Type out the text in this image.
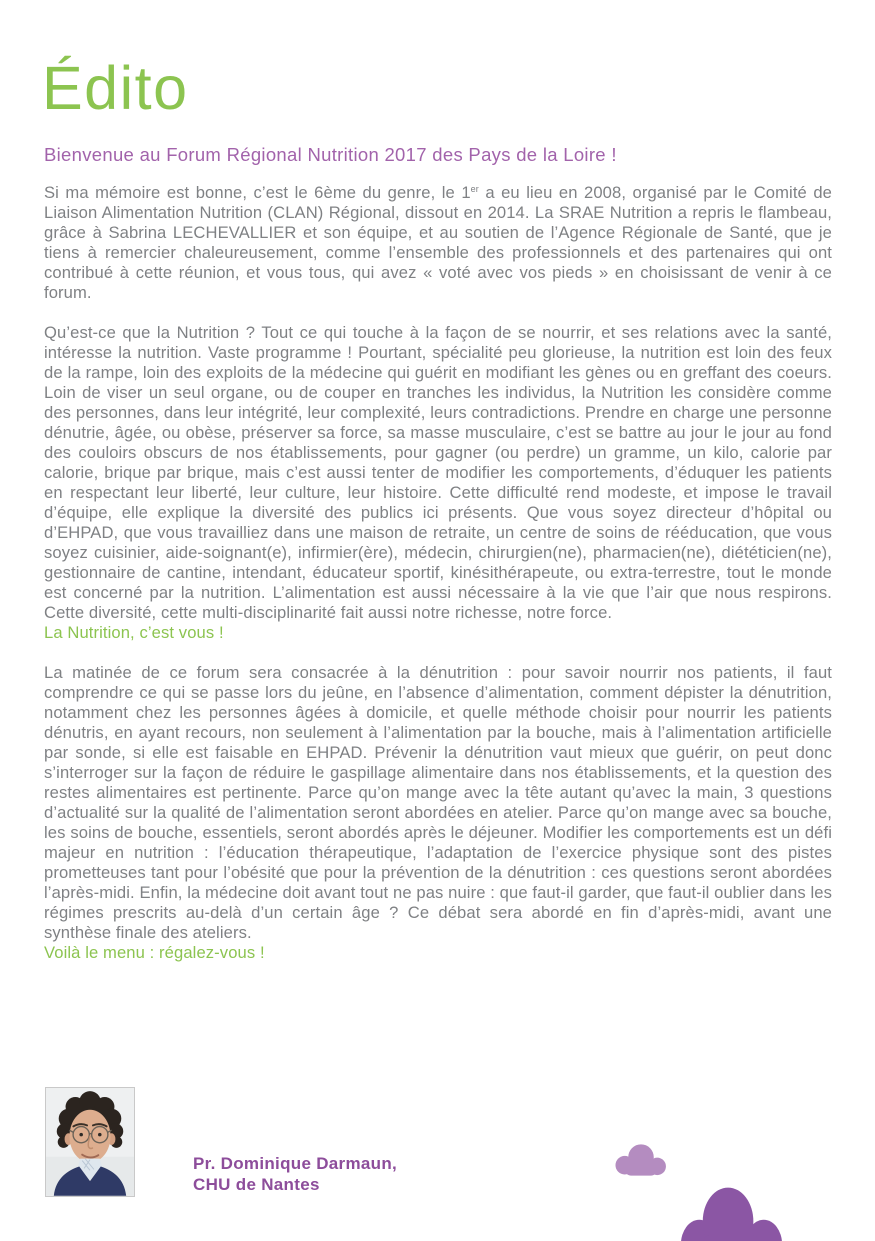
Édito

Bienvenue au Forum Régional Nutrition 2017 des Pays de la Loire !

Si ma mémoire est bonne, c’est le 6ème du genre, le 1er a eu lieu en 2008, organisé par le Comité de Liaison Alimentation Nutrition (CLAN) Régional, dissout en 2014. La SRAE Nutrition a repris le flambeau, grâce à Sabrina LECHEVALLIER et son équipe, et au soutien de l’Agence Régionale de Santé, que je tiens à remercier chaleureusement, comme l’ensemble des professionnels et des partenaires qui ont contribué à cette réunion, et vous tous, qui avez « voté avec vos pieds » en choisissant de venir à ce forum.

Qu’est-ce que la Nutrition ? Tout ce qui touche à la façon de se nourrir, et ses relations avec la santé, intéresse la nutrition. Vaste programme ! Pourtant, spécialité peu glorieuse, la nutrition est loin des feux de la rampe, loin des exploits de la médecine qui guérit en modifiant les gènes ou en greffant des coeurs. Loin de viser un seul organe, ou de couper en tranches les individus, la Nutrition les considère comme des personnes, dans leur intégrité, leur complexité, leurs contradictions. Prendre en charge une personne dénutrie, âgée, ou obèse, préserver sa force, sa masse musculaire, c’est se battre au jour le jour au fond des couloirs obscurs de nos établissements, pour gagner (ou perdre) un gramme, un kilo, calorie par calorie, brique par brique, mais c’est aussi tenter de modifier les comportements, d’éduquer les patients en respectant leur liberté, leur culture, leur histoire. Cette difficulté rend modeste, et impose le travail d’équipe, elle explique la diversité des publics ici présents. Que vous soyez directeur d’hôpital ou d’EHPAD, que vous travailliez dans une maison de retraite, un centre de soins de rééducation, que vous soyez cuisinier, aide-soignant(e), infirmier(ère), médecin, chirurgien(ne), pharmacien(ne), diététicien(ne), gestionnaire de cantine, intendant, éducateur sportif, kinésithérapeute, ou extra-terrestre, tout le monde est concerné par la nutrition. L’alimentation est aussi nécessaire à la vie que l’air que nous respirons. Cette diversité, cette multi-disciplinarité fait aussi notre richesse, notre force.

La Nutrition, c’est vous !

La matinée de ce forum sera consacrée à la dénutrition : pour savoir nourrir nos patients, il faut comprendre ce qui se passe lors du jeûne, en l’absence d’alimentation, comment dépister la dénutrition, notamment chez les personnes âgées à domicile, et quelle méthode choisir pour nourrir les patients dénutris, en ayant recours, non seulement à l’alimentation par la bouche, mais à l’alimentation artificielle par sonde, si elle est faisable en EHPAD. Prévenir la dénutrition vaut mieux que guérir, on peut donc s’interroger sur la façon de réduire le gaspillage alimentaire dans nos établissements, et la question des restes alimentaires est pertinente. Parce qu’on mange avec la tête autant qu’avec la main, 3 questions d’actualité sur la qualité de l’alimentation seront abordées en atelier. Parce qu’on mange avec sa bouche, les soins de bouche, essentiels, seront abordés après le déjeuner. Modifier les comportements est un défi majeur en nutrition : l’éducation thérapeutique, l’adaptation de l’exercice physique sont des pistes prometteuses tant pour l’obésité que pour la prévention de la dénutrition : ces questions seront abordées l’après-midi. Enfin, la médecine doit avant tout ne pas nuire : que faut-il garder, que faut-il oublier dans les régimes prescrits au-delà d’un certain âge ? Ce débat sera abordé en fin d’après-midi, avant une synthèse finale des ateliers.

Voilà le menu : régalez-vous !

Pr. Dominique Darmaun,
CHU de Nantes
